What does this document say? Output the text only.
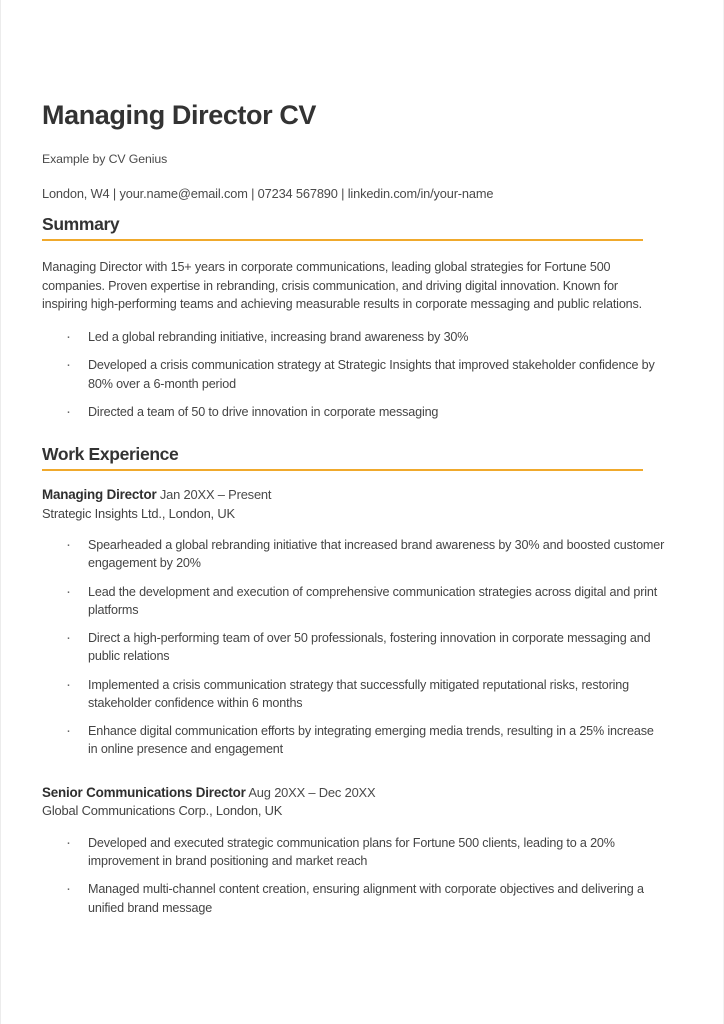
Managing Director CV

Example by CV Genius

London, W4 | your.name@email.com | 07234 567890 | linkedin.com/in/your-name

Summary

Managing Director with 15+ years in corporate communications, leading global strategies for Fortune 500 companies. Proven expertise in rebranding, crisis communication, and driving digital innovation. Known for inspiring high-performing teams and achieving measurable results in corporate messaging and public relations.

· Led a global rebranding initiative, increasing brand awareness by 30%
· Developed a crisis communication strategy at Strategic Insights that improved stakeholder confidence by 80% over a 6-month period
· Directed a team of 50 to drive innovation in corporate messaging
Work Experience

Managing Director Jan 20XX – Present

Strategic Insights Ltd., London, UK

· Spearheaded a global rebranding initiative that increased brand awareness by 30% and boosted customer engagement by 20%
· Lead the development and execution of comprehensive communication strategies across digital and print platforms
· Direct a high-performing team of over 50 professionals, fostering innovation in corporate messaging and public relations
· Implemented a crisis communication strategy that successfully mitigated reputational risks, restoring stakeholder confidence within 6 months
· Enhance digital communication efforts by integrating emerging media trends, resulting in a 25% increase in online presence and engagement

Senior Communications Director Aug 20XX – Dec 20XX

Global Communications Corp., London, UK

· Developed and executed strategic communication plans for Fortune 500 clients, leading to a 20% improvement in brand positioning and market reach
· Managed multi-channel content creation, ensuring alignment with corporate objectives and delivering a unified brand message
